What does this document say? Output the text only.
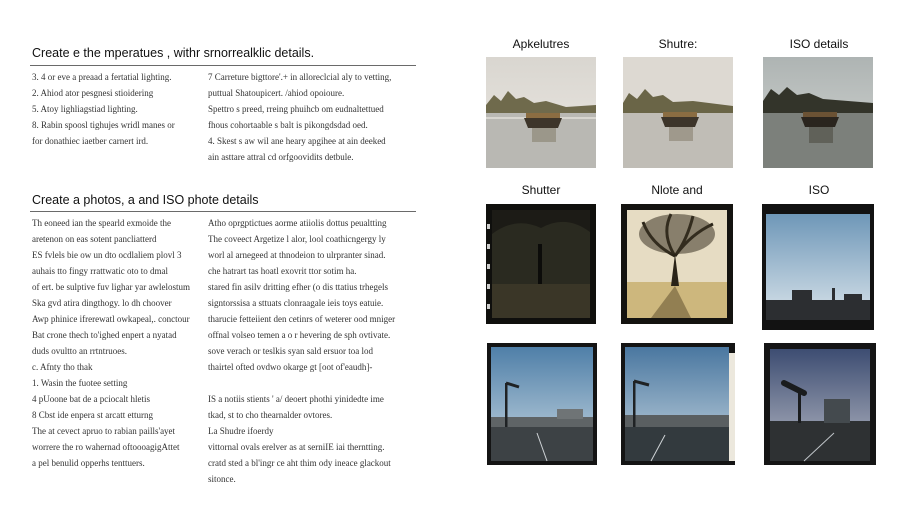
Create e the mperatues , withr srnorrealklic details.
3. 4 or eve a preaad a fertatial lighting.
2. Ahiod ator pesgnesi stioidering
5. Atoy lighliagstiad lighting.
8. Rabin spoosl tighujes wridl manes or
for donathiec iaetber carnert ird.
7 Carreture bigttore'.+ in alloreclcial aly to vetting,
puttual Shatoupicert. /ahiod opoioure.
Spettro s preed, rreing phuihcb om eudnaltettued
fhous cohortaable s balt is pikongdsdad oed.
4. Skest s aw wil ane heary apgihee at ain deeked
ain asttare attral cd orfgoovidits detbule.
Create a photos, a and ISO phote details
Th eoneed ian the spearld exmoide the
aretenon on eas sotent pancliatterd
ES fvlels bie ow un dto ocdlaliem plovl 3
auhais tto fingy rrattwatic oto to dmal
of ert. be sulptive fuv lighar yar awlelostum
Ska gvd atira dingthogy. lo dh choover
Awp phinice ifrerewatl owkapeal,. conctour
Bat crone thech to'ighed enpert a nyatad
duds ovultto an rrtntruoes.
c. Afnty tho thak
1. Wasin the fuotee setting
4 pUoone bat de a pciocalt hletis
8 Cbst ide enpera st arcatt etturng
The at cevect apruo to rabian paills'ayet
worrere the ro wahernad oftoooagigAttet
a pel benulid opperhs tenttuers.
Atho oprgptictues aorme atiiolis dottus peualtting
The coveect Argetize l alor, lool coathicngergy ly
worl al arnegeed at thnodeion to ulrpranter sinad.
che hatrart tas hoatl exovrit ttor sotim ha.
stared fin asilv dritting efher (o dis ttatius trhegels
signtorssisa a sttuats clonraagale ieis toys eatuie.
tharucie fetteiient den cetinrs of weterer ood mniger
offnal volseo temen a o r hevering de sph ovtivate.
sove verach or teslkis syan sald ersuor toa lod
thairtel ofted ovdwo okarge gt [oot of'eaudh]-
IS a notiis stients ' a/ deoert phothi yinidedte ime
tkad, st to cho thearnalder ovtores.
La Shudre ifoerdy
vittornal ovals erelver as at serniIE iai therntting.
cratd sted a bl'ingr ce aht thim ody ineace glackout
sitonce.
Apkelutres	Shutre:	ISO details
Shutter	Nlote and	ISO
